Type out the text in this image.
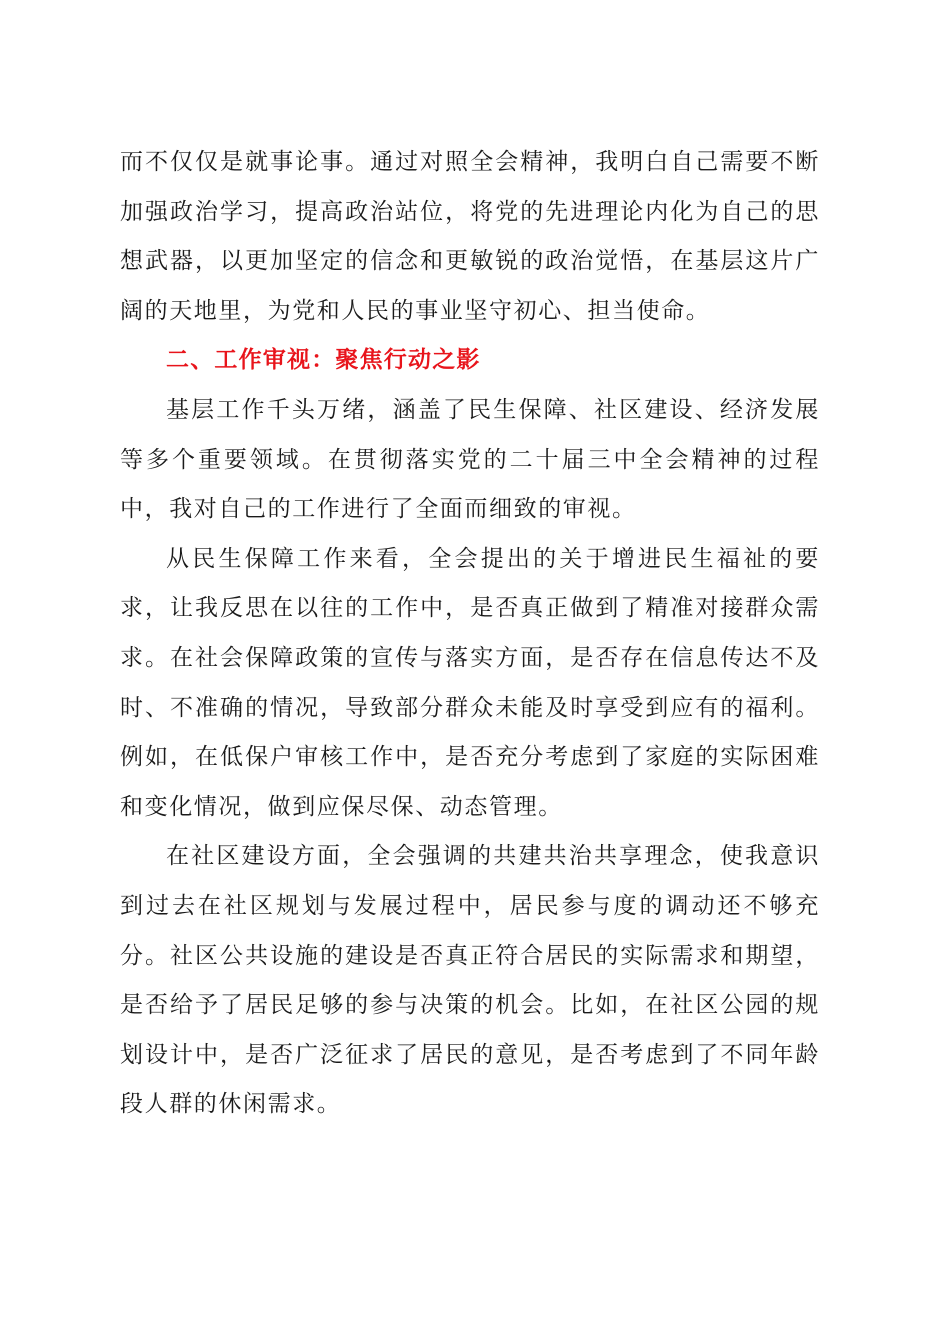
而不仅仅是就事论事。通过对照全会精神，我明白自己需要不断加强政治学习，提高政治站位，将党的先进理论内化为自己的思想武器，以更加坚定的信念和更敏锐的政治觉悟，在基层这片广阔的天地里，为党和人民的事业坚守初心、担当使命。

二、工作审视：聚焦行动之影

基层工作千头万绪，涵盖了民生保障、社区建设、经济发展等多个重要领域。在贯彻落实党的二十届三中全会精神的过程中，我对自己的工作进行了全面而细致的审视。

从民生保障工作来看，全会提出的关于增进民生福祉的要求，让我反思在以往的工作中，是否真正做到了精准对接群众需求。在社会保障政策的宣传与落实方面，是否存在信息传达不及时、不准确的情况，导致部分群众未能及时享受到应有的福利。例如，在低保户审核工作中，是否充分考虑到了家庭的实际困难和变化情况，做到应保尽保、动态管理。

在社区建设方面，全会强调的共建共治共享理念，使我意识到过去在社区规划与发展过程中，居民参与度的调动还不够充分。社区公共设施的建设是否真正符合居民的实际需求和期望，是否给予了居民足够的参与决策的机会。比如，在社区公园的规划设计中，是否广泛征求了居民的意见，是否考虑到了不同年龄段人群的休闲需求。
